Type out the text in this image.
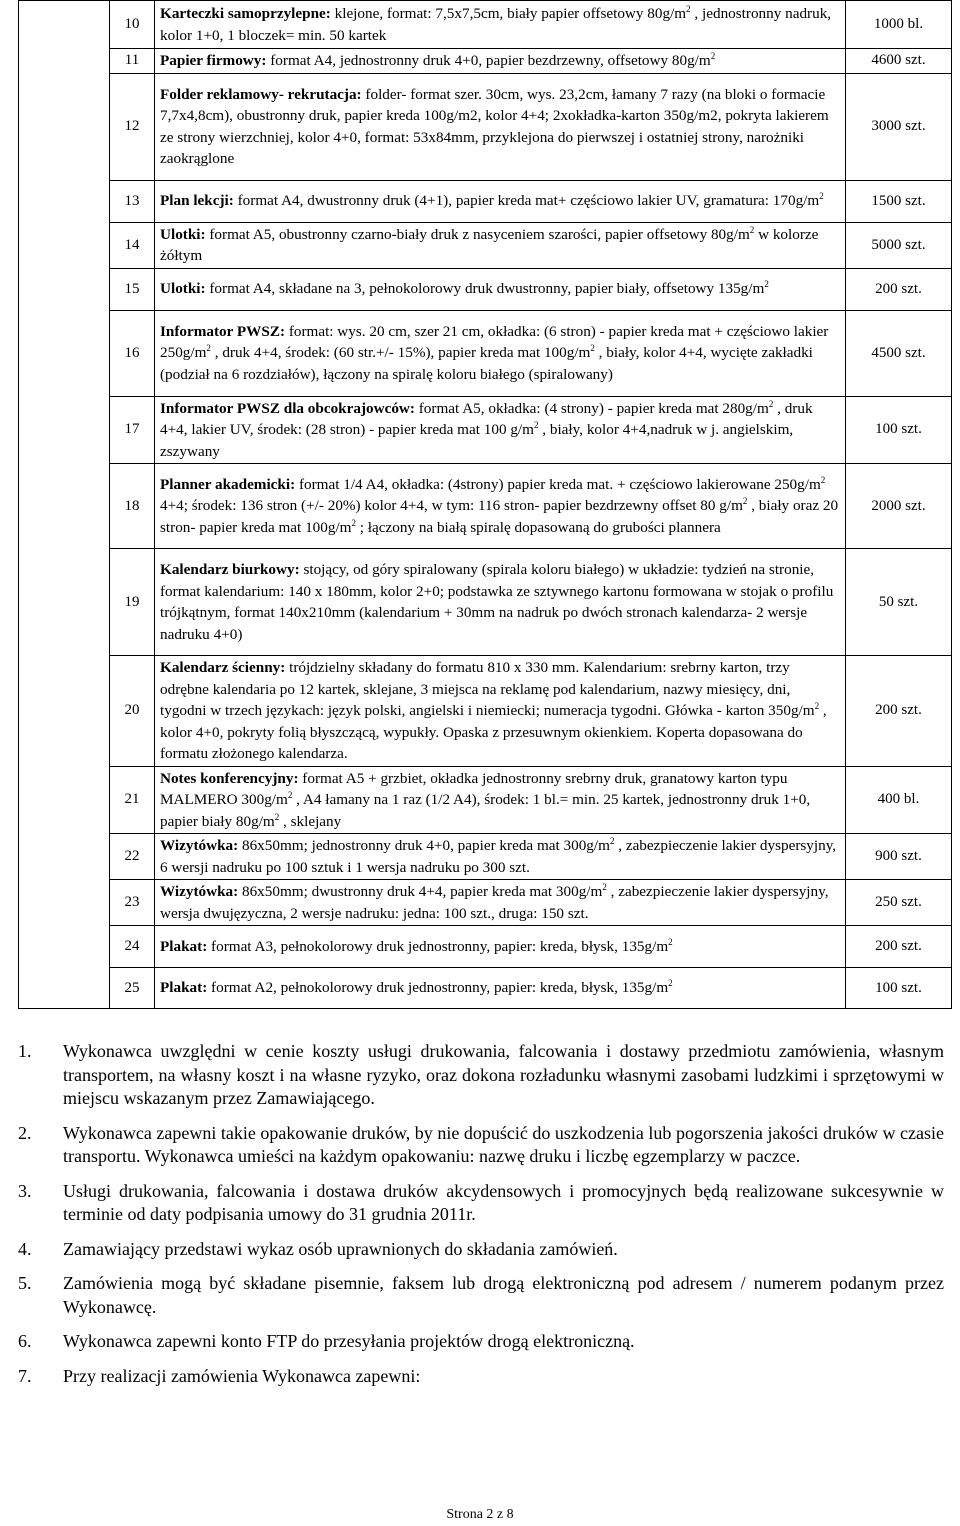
	10	Karteczki samoprzylepne: klejone, format: 7,5x7,5cm, biały papier offsetowy $80g/m^2$ , jednostronny nadruk, kolor 1+0, 1 bloczek= min. 50 kartek	1000 bl.
	11	Papier firmowy: format A4, jednostronny druk 4+0, papier bezdrzewny, offsetowy $80g/m^2$	4600 szt.
	12	Folder reklamowy- rekrutacja: folder- format szer. 30cm, wys. 23,2cm, łamany 7 razy (na bloki o formacie 7,7x4,8cm), obustronny druk, papier kreda 100g/m2, kolor 4+4; 2xokładka-karton 350g/m2, pokryta lakierem ze strony wierzchniej, kolor 4+0, format: 53x84mm, przyklejona do pierwszej i ostatniej strony, narożniki zaokrąglone	3000 szt.
	13	Plan lekcji: format A4, dwustronny druk (4+1), papier kreda mat+ częściowo lakier UV, gramatura: $170g/m^2$	1500 szt.
	14	Ulotki: format A5, obustronny czarno-biały druk z nasyceniem szarości, papier offsetowy $80g/m^2$ w kolorze żółtym	5000 szt.
	15	Ulotki: format A4, składane na 3, pełnokolorowy druk dwustronny, papier biały, offsetowy $135g/m^2$	200 szt.
	16	Informator PWSZ: format: wys. 20 cm, szer 21 cm, okładka: (6 stron) - papier kreda mat + częściowo lakier $250g/m^2$ , druk 4+4, środek: (60 str.+/- 15%), papier kreda mat $100g/m^2$ , biały, kolor 4+4, wycięte zakładki (podział na 6 rozdziałów), łączony na spiralę koloru białego (spiralowany)	4500 szt.
	17	Informator PWSZ dla obcokrajowców: format A5, okładka: (4 strony) - papier kreda mat $280g/m^2$ , druk 4+4, lakier UV, środek: (28 stron) - papier kreda mat 100 $g/m^2$ , biały, kolor 4+4,nadruk w j. angielskim, zszywany	100 szt.
	18	Planner akademicki: format 1/4 A4, okładka: (4strony) papier kreda mat. + częściowo lakierowane $250g/m^2$ 4+4; środek: 136 stron (+/- 20%) kolor 4+4, w tym: 116 stron- papier bezdrzewny offset 80 $g/m^2$ , biały oraz 20 stron- papier kreda mat $100g/m^2$ ; łączony na białą spiralę dopasowaną do grubości plannera	2000 szt.
	19	Kalendarz biurkowy: stojący, od góry spiralowany (spirala koloru białego) w układzie: tydzień na stronie, format kalendarium: 140 x 180mm, kolor 2+0; podstawka ze sztywnego kartonu formowana w stojak o profilu trójkątnym, format 140x210mm (kalendarium + 30mm na nadruk po dwóch stronach kalendarza- 2 wersje nadruku 4+0)	50 szt.
	20	Kalendarz ścienny: trójdzielny składany do formatu 810 x 330 mm. Kalendarium: srebrny karton, trzy odrębne kalendaria po 12 kartek, sklejane, 3 miejsca na reklamę pod kalendarium, nazwy miesięcy, dni, tygodni w trzech językach: język polski, angielski i niemiecki; numeracja tygodni. Główka - karton $350g/m^2$ , kolor 4+0, pokryty folią błyszczącą, wypukły. Opaska z przesuwnym okienkiem. Koperta dopasowana do formatu złożonego kalendarza.	200 szt.
	21	Notes konferencyjny: format A5 + grzbiet, okładka jednostronny srebrny druk, granatowy karton typu MALMERO $300g/m^2$ , A4 łamany na 1 raz (1/2 A4), środek: 1 bl.= min. 25 kartek, jednostronny druk 1+0, papier biały $80g/m^2$ , sklejany	400 bl.
	22	Wizytówka: 86x50mm; jednostronny druk 4+0, papier kreda mat $300g/m^2$ , zabezpieczenie lakier dyspersyjny, 6 wersji nadruku po 100 sztuk i 1 wersja nadruku po 300 szt.	900 szt.
	23	Wizytówka: 86x50mm; dwustronny druk 4+4, papier kreda mat $300g/m^2$ , zabezpieczenie lakier dyspersyjny, wersja dwujęzyczna, 2 wersje nadruku: jedna: 100 szt., druga: 150 szt.	250 szt.
	24	Plakat: format A3, pełnokolorowy druk jednostronny, papier: kreda, błysk, $135g/m^2$	200 szt.
	25	Plakat: format A2, pełnokolorowy druk jednostronny, papier: kreda, błysk, $135g/m^2$	100 szt.
1. Wykonawca uwzględni w cenie koszty usługi drukowania, falcowania i dostawy przedmiotu zamówienia, własnym transportem, na własny koszt i na własne ryzyko, oraz dokona rozładunku własnymi zasobami ludzkimi i sprzętowymi w miejscu wskazanym przez Zamawiającego.
2. Wykonawca zapewni takie opakowanie druków, by nie dopuścić do uszkodzenia lub pogorszenia jakości druków w czasie transportu. Wykonawca umieści na każdym opakowaniu: nazwę druku i liczbę egzemplarzy w paczce.
3. Usługi drukowania, falcowania i dostawa druków akcydensowych i promocyjnych będą realizowane sukcesywnie w terminie od daty podpisania umowy do 31 grudnia 2011r.
4. Zamawiający przedstawi wykaz osób uprawnionych do składania zamówień.
5. Zamówienia mogą być składane pisemnie, faksem lub drogą elektroniczną pod adresem / numerem podanym przez Wykonawcę.
6. Wykonawca zapewni konto FTP do przesyłania projektów drogą elektroniczną.
7. Przy realizacji zamówienia Wykonawca zapewni:
Strona 2 z 8
